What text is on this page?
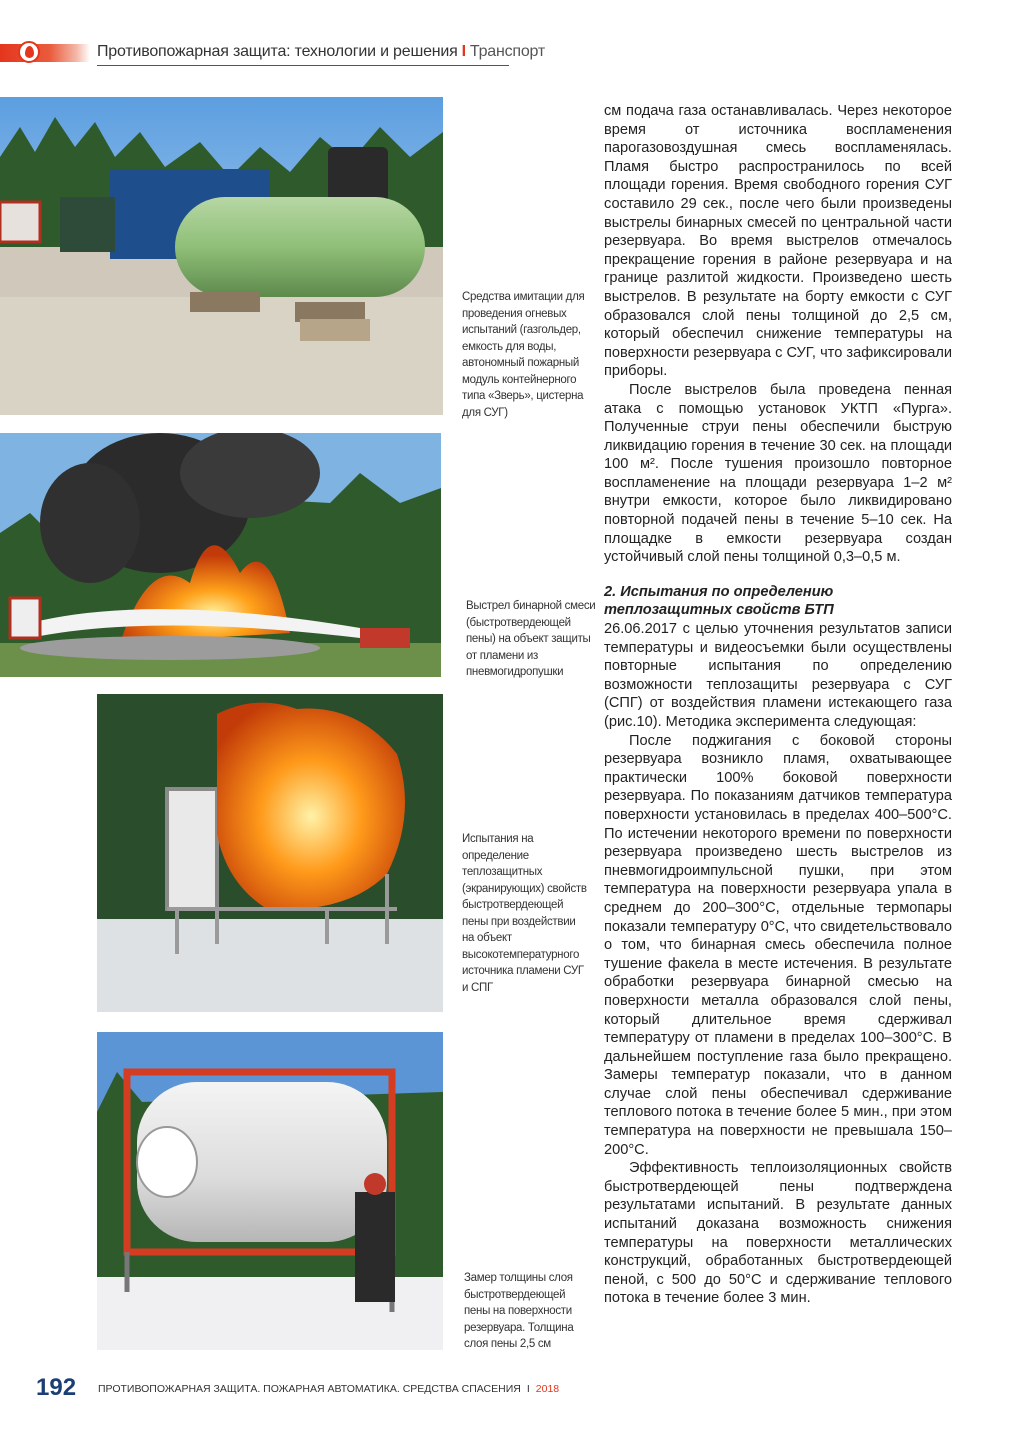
Противопожарная защита: технологии и решения I Транспорт
Средства имитации для проведения огневых испытаний (газгольдер, емкость для воды, автономный пожарный модуль контейнерного типа «Зверь», цистерна для СУГ)
Выстрел бинарной смеси (быстротвердеющей пены) на объект защиты от пламени из пневмогидропушки
Испытания на определение теплозащитных (экранирующих) свойств быстротвердеющей пены при воздействии на объект высокотемпературного источника пламени СУГ и СПГ
Замер толщины слоя быстротвердеющей пены на поверхности резервуара. Толщина слоя пены 2,5 см

см подача газа останавливалась. Через некоторое время от источника воспламенения парогазовоздушная смесь воспламенялась. Пламя быстро распространилось по всей площади горения. Время свободного горения СУГ составило 29 сек., после чего были произведены выстрелы бинарных смесей по центральной части резервуара. Во время выстрелов отмечалось прекращение горения в районе резервуара и на границе разлитой жидкости. Произведено шесть выстрелов. В результате на борту емкости с СУГ образовался слой пены толщиной до 2,5 см, который обеспечил снижение температуры на поверхности резервуара с СУГ, что зафиксировали приборы.

После выстрелов была проведена пенная атака с помощью установок УКТП «Пурга». Полученные струи пены обеспечили быструю ликвидацию горения в течение 30 сек. на площади 100 м². После тушения произошло повторное воспламенение на площади резервуара 1–2 м² внутри емкости, которое было ликвидировано повторной подачей пены в течение 5–10 сек. На площадке в емкости резервуара создан устойчивый слой пены толщиной 0,3–0,5 м.

2. Испытания по определению теплозащитных свойств БТП

26.06.2017 с целью уточнения результатов записи температуры и видеосъемки были осуществлены повторные испытания по определению возможности теплозащиты резервуара с СУГ (СПГ) от воздействия пламени истекающего газа (рис.10). Методика эксперимента следующая:

После поджигания с боковой стороны резервуара возникло пламя, охватывающее практически 100% боковой поверхности резервуара. По показаниям датчиков температура поверхности установилась в пределах 400–500°С. По истечении некоторого времени по поверхности резервуара произведено шесть выстрелов из пневмогидроимпульсной пушки, при этом температура на поверхности резервуара упала в среднем до 200–300°С, отдельные термопары показали температуру 0°С, что свидетельствовало о том, что бинарная смесь обеспечила полное тушение факела в месте истечения. В результате обработки резервуара бинарной смесью на поверхности металла образовался слой пены, который длительное время сдерживал температуру от пламени в пределах 100–300°С. В дальнейшем поступление газа было прекращено. Замеры температур показали, что в данном случае слой пены обеспечивал сдерживание теплового потока в течение более 5 мин., при этом температура на поверхности не превышала 150–200°С.

Эффективность теплоизоляционных свойств быстротвердеющей пены подтверждена результатами испытаний. В результате данных испытаний доказана возможность снижения температуры на поверхности металлических конструкций, обработанных быстротвердеющей пеной, с 500 до 50°С и сдерживание теплового потока в течение более 3 мин.

192 ПРОТИВОПОЖАРНАЯ ЗАЩИТА. ПОЖАРНАЯ АВТОМАТИКА. СРЕДСТВА СПАСЕНИЯ I 2018
